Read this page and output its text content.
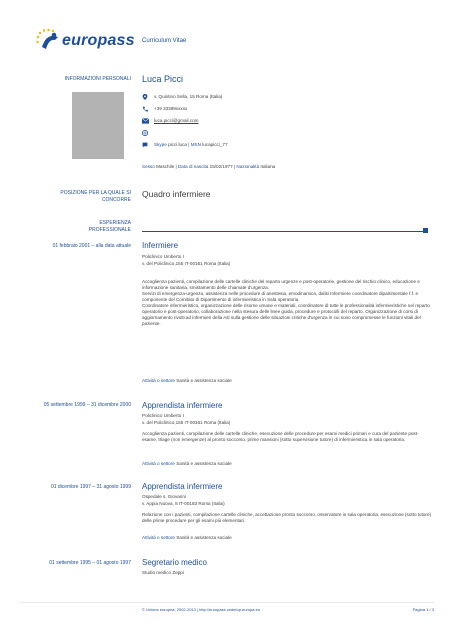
europass Curriculum Vitae
INFORMAZIONI PERSONALI Luca Picci
v. Quintino Sella, 15 Roma (Italia)
+39 33389xxxxx
luca.picci@gmail.com
Skype picci.luca | MSN lucapicci_77
Sesso Maschile | Data di nascita 15/02/1977 | Nazionalità Italiana
POSIZIONE PER LA QUALE SI CONCORRE
Quadro infermiere
ESPERIENZA PROFESSIONALE
01 febbraio 2001 – alla data attuale Infermiere
Policlinico Umberto I
v. del Policlinico,155 IT-00161 Roma (Italia)
Accoglienza pazienti, compilazione delle cartelle cliniche del reparto urgenze e post-operatorie, gestione del rischio clinico, educazione e informazione sanitaria, smistamento delle chiamate d'urgenza.
Servizi di emergenza-urgenza, assistenza nelle procedure di anestesia, emodinamica, dalisi Infermiere coordinatore dipartimentale f.f. e componente del Comitato di Dipartimento di infermieristica in Sala operatoria
Coordinatore infermieristico, organizzazione delle risorse umane e materiali, coordinatore di tutte le professionalità infermieristiche nel reparto operatorio e post-operatorio, collaborazione nella stesura delle linee guida, procedure e protocolli del reparto. Organizzazione di corsi di aggiornamento rivolti ad infermieri della Asl sulla gestione delle situazioni critiche d'urgenza in cui sono compromesse le funzioni vitali del paziente.
Attività o settore Sanità e assistenza sociale
05 settembre 1999 – 31 dicembre 2000 Apprendista infermiere
Policlinico Umberto I
v. del Policlinico,155 IT-00161 Roma (Italia)
Accoglienza pazienti, compilazione delle cartelle cliniche, esecuzione delle procedure per esami medici primari e cura del paziente post-esame, triage (non emergenze) al pronto soccorso, prime mansioni (sotto supervisione tutore) di infermieristica in sala operatoria.
Attività o settore Sanità e assistenza sociale
01 dicembre 1997 – 31 agosto 1999 Apprendista infermiere
Ospedale s. Giovanni
v. Appia Nuova, 8 IT-00183 Roma (Italia)
Relazione con i pazienti, compilazione cartelle cliniche, accettazione pronto soccorso, osservatore in sala operatoria, esecuzione (sotto tutore) delle prime procedure per gli esami più elementari.
Attività o settore Sanità e assistenza sociale
01 settembre 1995 – 01 agosto 1997 Segretario medico
Studio medico Zeppi
© Unione europea, 2002-2013 | http://europass.cedefop.europa.eu	Pagina 1 / 3
